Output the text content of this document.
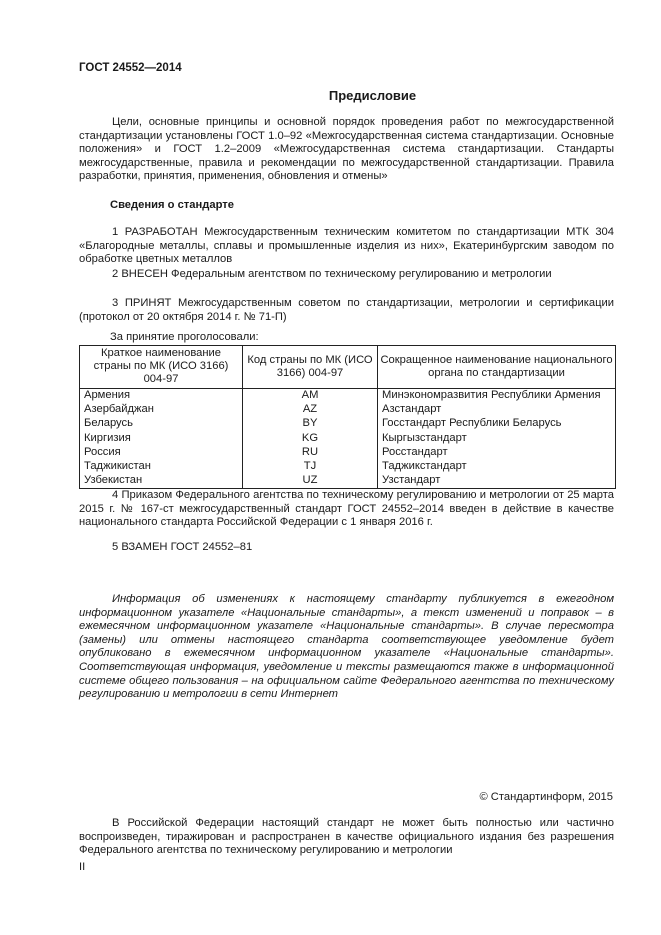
ГОСТ 24552—2014
Предисловие
Цели, основные принципы и основной порядок проведения работ по межгосударственной стандартизации установлены ГОСТ 1.0–92 «Межгосударственная система стандартизации. Основные положения» и ГОСТ 1.2–2009 «Межгосударственная система стандартизации. Стандарты межгосударственные, правила и рекомендации по межгосударственной стандартизации. Правила разработки, принятия, применения, обновления и отмены»
Сведения о стандарте
1 РАЗРАБОТАН Межгосударственным техническим комитетом по стандартизации МТК 304 «Благородные металлы, сплавы и промышленные изделия из них», Екатеринбургским заводом по обработке цветных металлов
2 ВНЕСЕН Федеральным агентством по техническому регулированию и метрологии
3 ПРИНЯТ Межгосударственным советом по стандартизации, метрологии и сертификации (протокол от 20 октября 2014 г. № 71-П)
За принятие проголосовали:
Краткое наименование страны по МК (ИСО 3166) 004-97	Код страны по МК (ИСО 3166) 004-97	Сокращенное наименование национального органа по стандартизации
Армения	AM	Минэкономразвития Республики Армения
Азербайджан	AZ	Азстандарт
Беларусь	BY	Госстандарт Республики Беларусь
Киргизия	KG	Кыргызстандарт
Россия	RU	Росстандарт
Таджикистан	TJ	Таджикстандарт
Узбекистан	UZ	Узстандарт
4 Приказом Федерального агентства по техническому регулированию и метрологии от 25 марта 2015 г. № 167-ст межгосударственный стандарт ГОСТ 24552–2014 введен в действие в качестве национального стандарта Российской Федерации с 1 января 2016 г.
5 ВЗАМЕН ГОСТ 24552–81
Информация об изменениях к настоящему стандарту публикуется в ежегодном информационном указателе «Национальные стандарты», а текст изменений и поправок – в ежемесячном информационном указателе «Национальные стандарты». В случае пересмотра (замены) или отмены настоящего стандарта соответствующее уведомление будет опубликовано в ежемесячном информационном указателе «Национальные стандарты». Соответствующая информация, уведомление и тексты размещаются также в информационной системе общего пользования – на официальном сайте Федерального агентства по техническому регулированию и метрологии в сети Интернет
© Стандартинформ, 2015
В Российской Федерации настоящий стандарт не может быть полностью или частично воспроизведен, тиражирован и распространен в качестве официального издания без разрешения Федерального агентства по техническому регулированию и метрологии
II
